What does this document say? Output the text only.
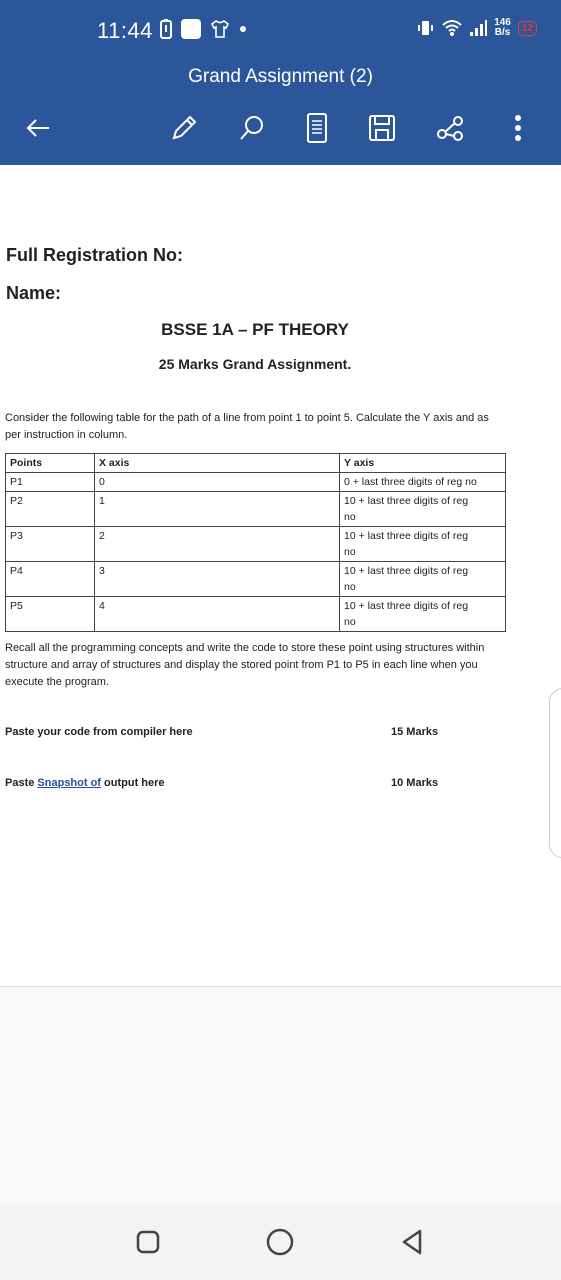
11:44	146
B/s	12
Grand Assignment (2)
Full Registration No:
Name:
BSSE 1A – PF THEORY
25 Marks Grand Assignment.
Consider the following table for the path of a line from point 1 to point 5. Calculate the Y axis and as per instruction in column.
Points	X axis	Y axis
P1	0	0 + last three digits of reg no

P2	1	10 + last three digits of reg
no

P3	2	10 + last three digits of reg
no

P4	3	10 + last three digits of reg
no

P5	4	10 + last three digits of reg
no
Recall all the programming concepts and write the code to store these point using structures within structure and array of structures and display the stored point from P1 to P5 in each line when you execute the program.
Paste your code from compiler here	15 Marks
Paste Snapshot of output here	10 Marks
